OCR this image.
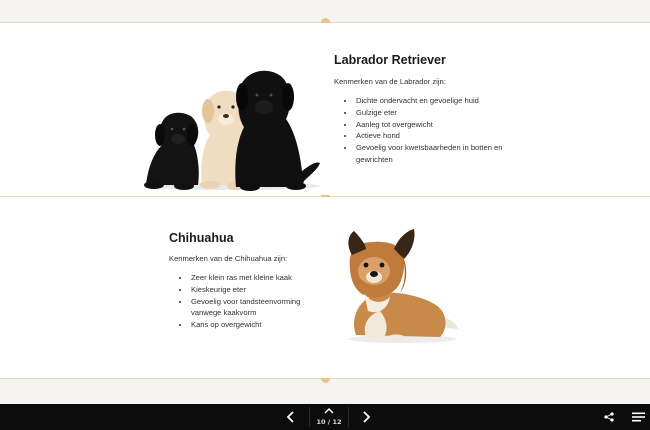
Labrador Retriever
Kenmerken van de Labrador zijn:
• Dichte ondervacht en gevoelige huid
• Gulzige eter
• Aanleg tot overgewicht
• Actieve hond
• Gevoelig voor kwetsbaarheden in botten en gewrichten
Chihuahua
Kenmerken van de Chihuahua zijn:
• Zeer klein ras met kleine kaak
• Kieskeurige eter
• Gevoelig voor tandsteenvorming vanwege kaakvorm
• Kans op overgewicht
10 / 12
